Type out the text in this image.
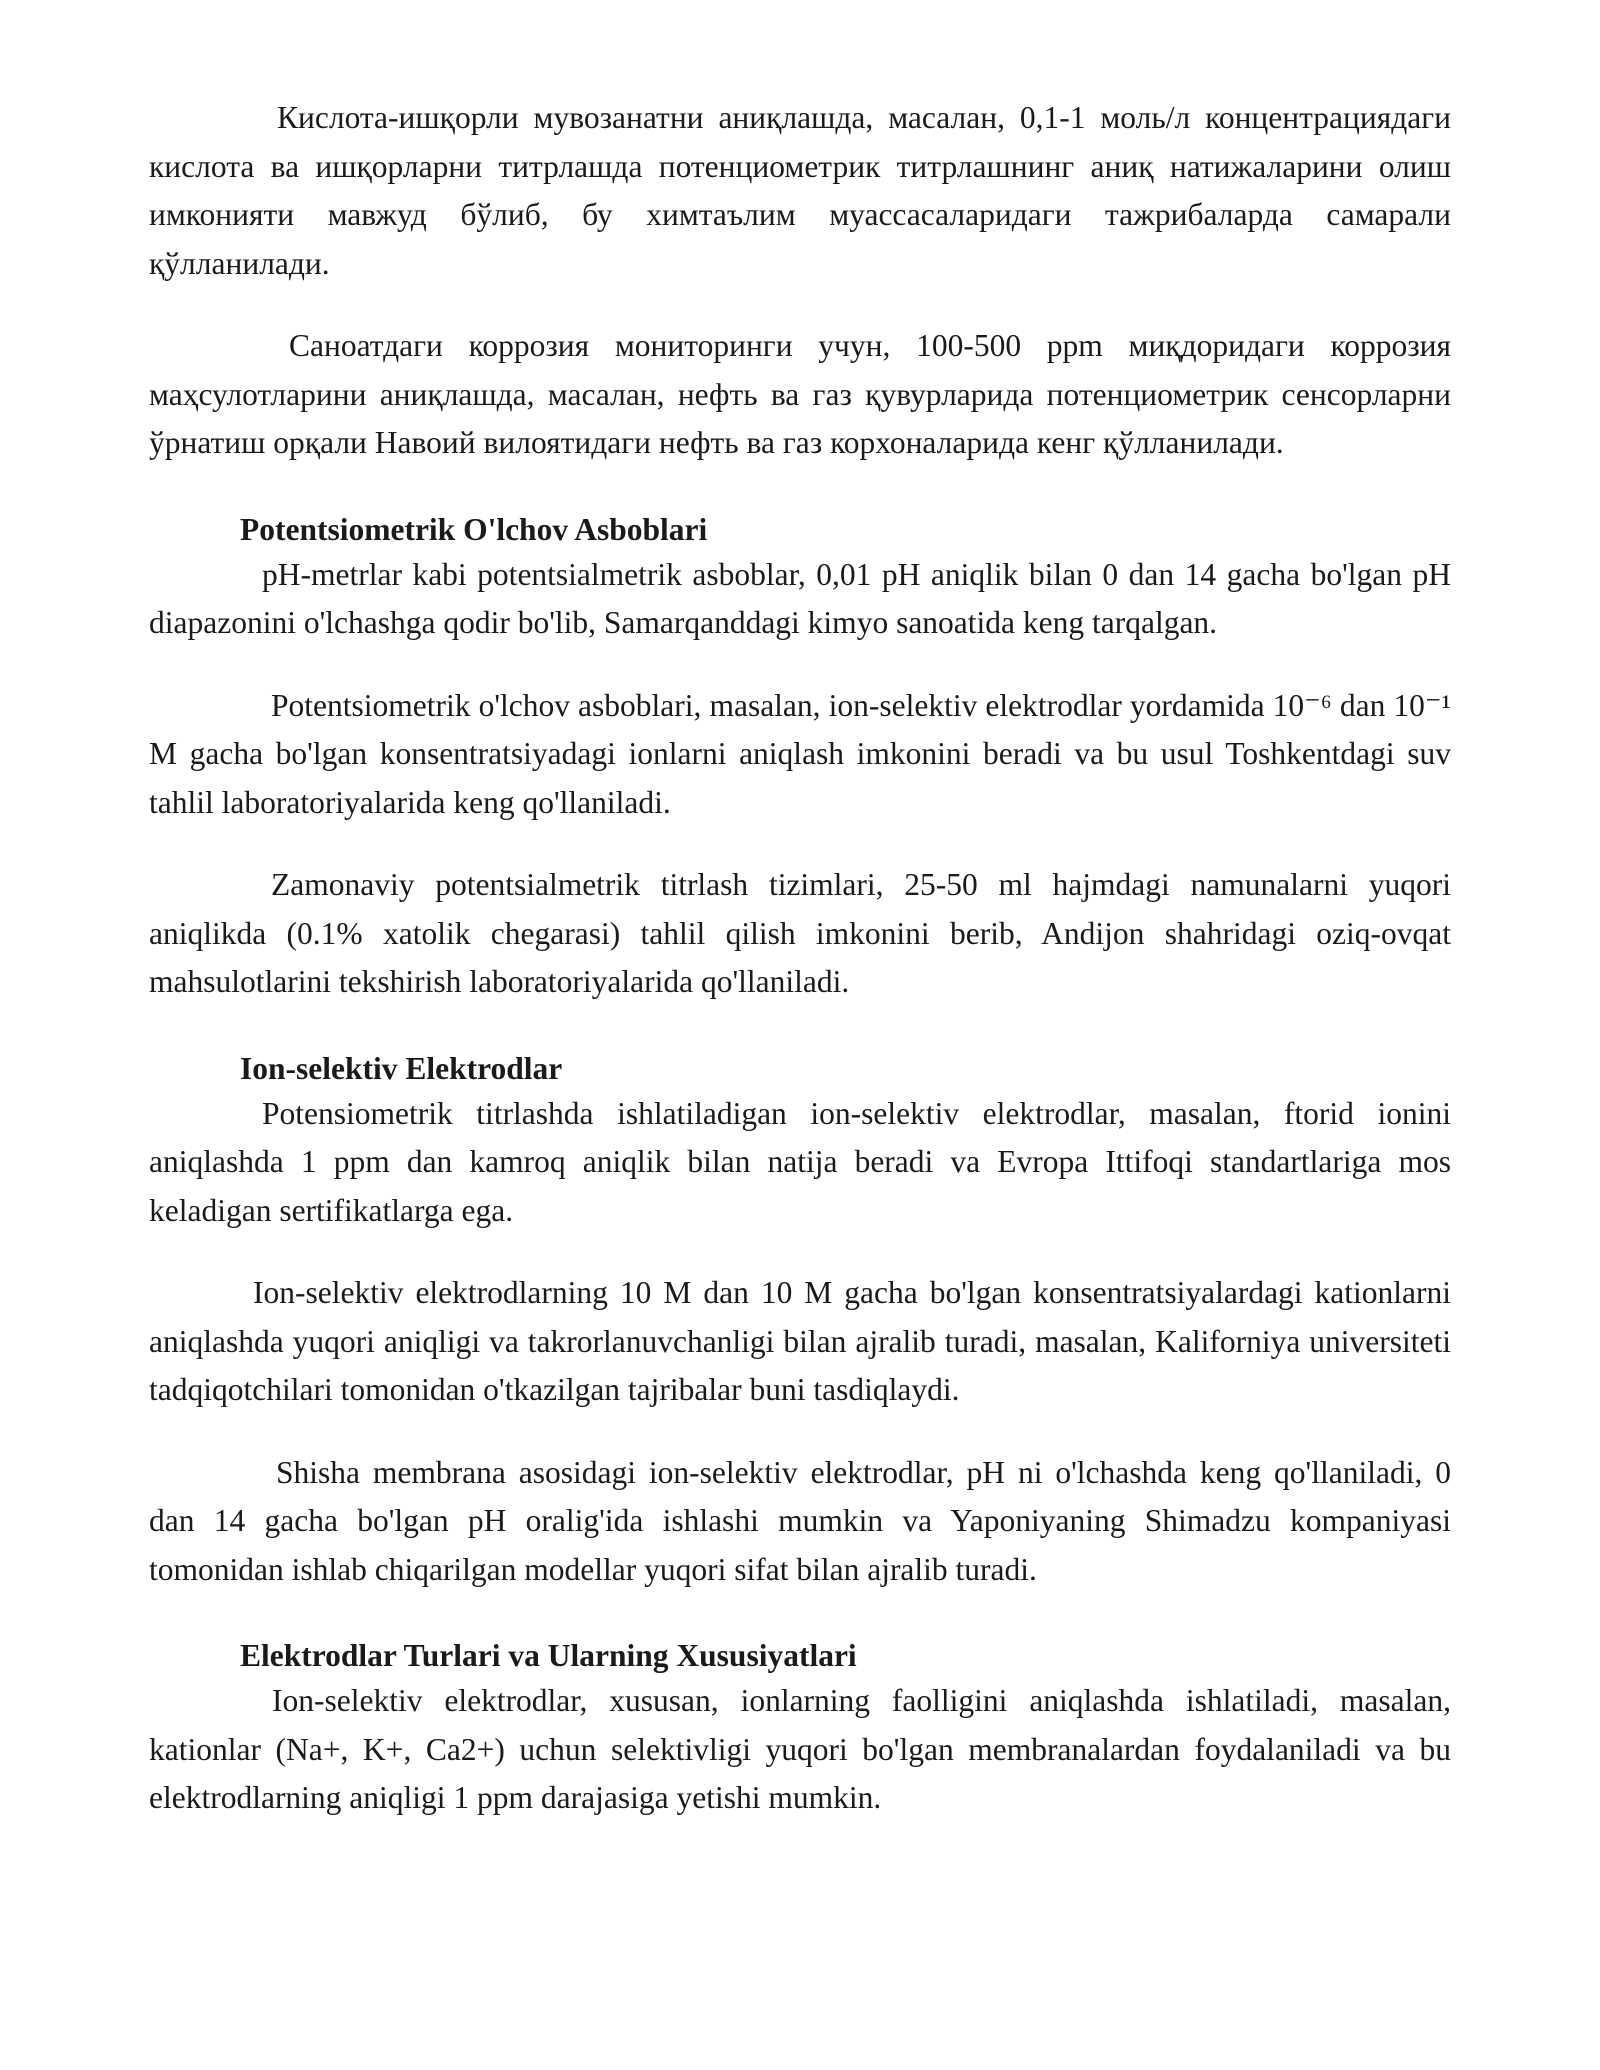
Кислота-ишқорли мувозанатни аниқлашда, масалан, 0,1-1 моль/л концентрациядаги кислота ва ишқорларни титрлашда потенциометрик титрлашнинг аниқ натижаларини олиш имконияти мавжуд бўлиб, бу химтаълим муассасаларидаги тажрибаларда самарали қўлланилади.

Саноатдаги коррозия мониторинги учун, 100-500 ppm миқдоридаги коррозия маҳсулотларини аниқлашда, масалан, нефть ва газ қувурларида потенциометрик сенсорларни ўрнатиш орқали Навоий вилоятидаги нефть ва газ корхоналарида кенг қўлланилади.

Potentsiometrik O'lchov Asboblari

pH-metrlar kabi potentsialmetrik asboblar, 0,01 pH aniqlik bilan 0 dan 14 gacha bo'lgan pH diapazonini o'lchashga qodir bo'lib, Samarqanddagi kimyo sanoatida keng tarqalgan.

Potentsiometrik o'lchov asboblari, masalan, ion-selektiv elektrodlar yordamida 10⁻⁶ dan 10⁻¹ M gacha bo'lgan konsentratsiyadagi ionlarni aniqlash imkonini beradi va bu usul Toshkentdagi suv tahlil laboratoriyalarida keng qo'llaniladi.

Zamonaviy potentsialmetrik titrlash tizimlari, 25-50 ml hajmdagi namunalarni yuqori aniqlikda (0.1% xatolik chegarasi) tahlil qilish imkonini berib, Andijon shahridagi oziq-ovqat mahsulotlarini tekshirish laboratoriyalarida qo'llaniladi.

Ion-selektiv Elektrodlar

Potensiometrik titrlashda ishlatiladigan ion-selektiv elektrodlar, masalan, ftorid ionini aniqlashda 1 ppm dan kamroq aniqlik bilan natija beradi va Evropa Ittifoqi standartlariga mos keladigan sertifikatlarga ega.

Ion-selektiv elektrodlarning 10 M dan 10 M gacha bo'lgan konsentratsiyalardagi kationlarni aniqlashda yuqori aniqligi va takrorlanuvchanligi bilan ajralib turadi, masalan, Kaliforniya universiteti tadqiqotchilari tomonidan o'tkazilgan tajribalar buni tasdiqlaydi.

Shisha membrana asosidagi ion-selektiv elektrodlar, pH ni o'lchashda keng qo'llaniladi, 0 dan 14 gacha bo'lgan pH oralig'ida ishlashi mumkin va Yaponiyaning Shimadzu kompaniyasi tomonidan ishlab chiqarilgan modellar yuqori sifat bilan ajralib turadi.

Elektrodlar Turlari va Ularning Xususiyatlari

Ion-selektiv elektrodlar, xususan, ionlarning faolligini aniqlashda ishlatiladi, masalan, kationlar (Na+, K+, Ca2+) uchun selektivligi yuqori bo'lgan membranalardan foydalaniladi va bu elektrodlarning aniqligi 1 ppm darajasiga yetishi mumkin.
